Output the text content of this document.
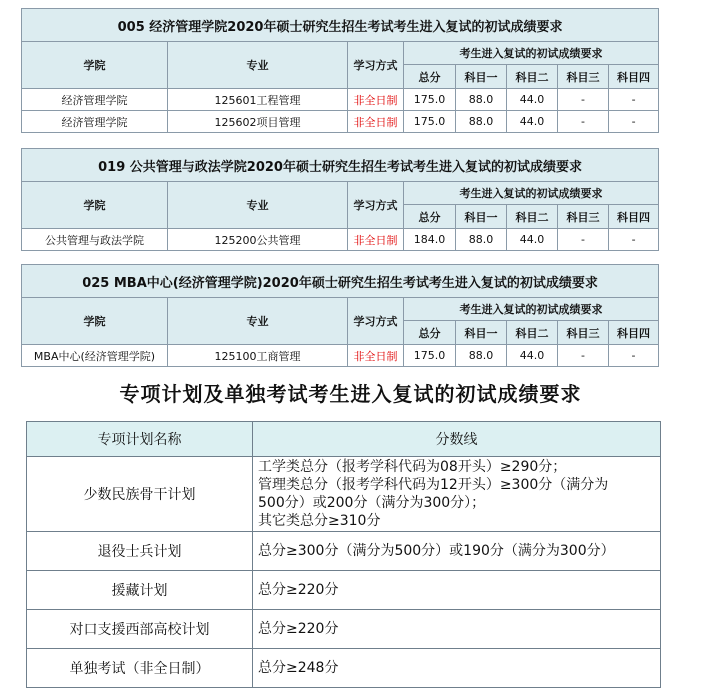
005 经济管理学院2020年硕士研究生招生考试考生进入复试的初试成绩要求							
学院	专业	学习方式	考生进入复试的初试成绩要求				
			总分	科目一	科目二	科目三	科目四
经济管理学院	125601工程管理	非全日制	175.0	88.0	44.0	-	-
经济管理学院	125602项目管理	非全日制	175.0	88.0	44.0	-	-
019 公共管理与政法学院2020年硕士研究生招生考试考生进入复试的初试成绩要求							
学院	专业	学习方式	考生进入复试的初试成绩要求				
			总分	科目一	科目二	科目三	科目四
公共管理与政法学院	125200公共管理	非全日制	184.0	88.0	44.0	-	-
025 MBA中心(经济管理学院)2020年硕士研究生招生考试考生进入复试的初试成绩要求							
学院	专业	学习方式	考生进入复试的初试成绩要求				
			总分	科目一	科目二	科目三	科目四
MBA中心(经济管理学院)	125100工商管理	非全日制	175.0	88.0	44.0	-	-
专项计划及单独考试考生进入复试的初试成绩要求
专项计划名称	分数线
少数民族骨干计划	工学类总分（报考学科代码为08开头）≥290分；
管理类总分（报考学科代码为12开头）≥300分（满分为
500分）或200分（满分为300分）；
其它类总分≥310分

退役士兵计划	总分≥300分（满分为500分）或190分（满分为300分）
援藏计划	总分≥220分
对口支援西部高校计划	总分≥220分
单独考试（非全日制）	总分≥248分
